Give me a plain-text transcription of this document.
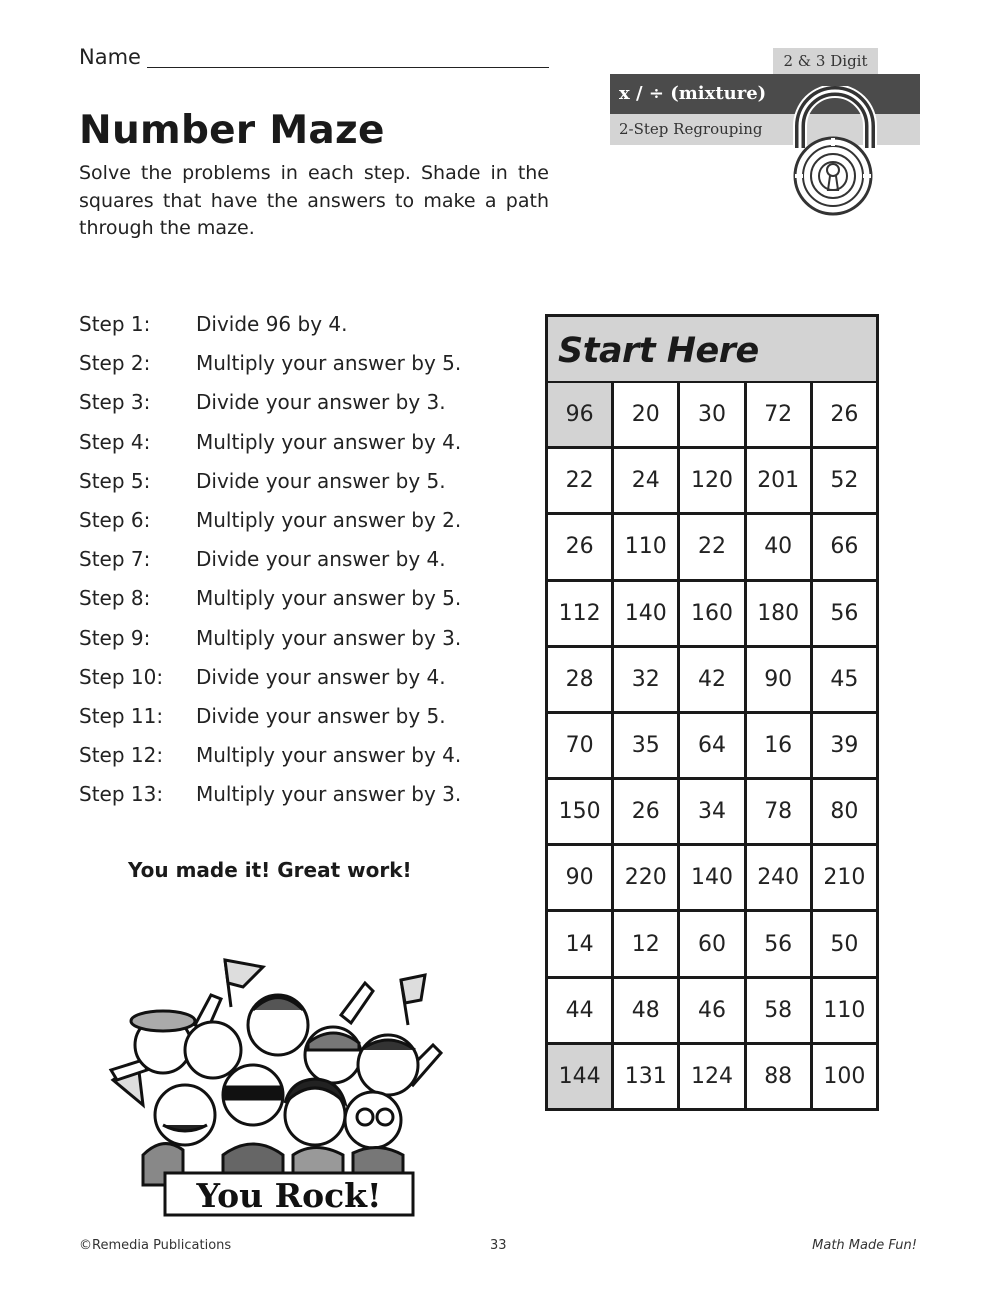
Name
Number Maze

Solve the problems in each step. Shade in the squares that have the answers to make a path through the maze.

2 & 3 Digit
x / ÷ (mixture)
2-Step Regrouping
Step 1: Divide 96 by 4.
Step 2: Multiply your answer by 5.
Step 3: Divide your answer by 3.
Step 4: Multiply your answer by 4.
Step 5: Divide your answer by 5.
Step 6: Multiply your answer by 2.
Step 7: Divide your answer by 4.
Step 8: Multiply your answer by 5.
Step 9: Multiply your answer by 3.
Step 10: Divide your answer by 4.
Step 11: Divide your answer by 5.
Step 12: Multiply your answer by 4.
Step 13: Multiply your answer by 3.
You made it! Great work!
You Rock!
Start Here
96	20	30	72	26
22	24	120	201	52
26	110	22	40	66
112	140	160	180	56
28	32	42	90	45
70	35	64	16	39
150	26	34	78	80
90	220	140	240	210
14	12	60	56	50
44	48	46	58	110
144	131	124	88	100
©Remedia Publications	33	Math Made Fun!
